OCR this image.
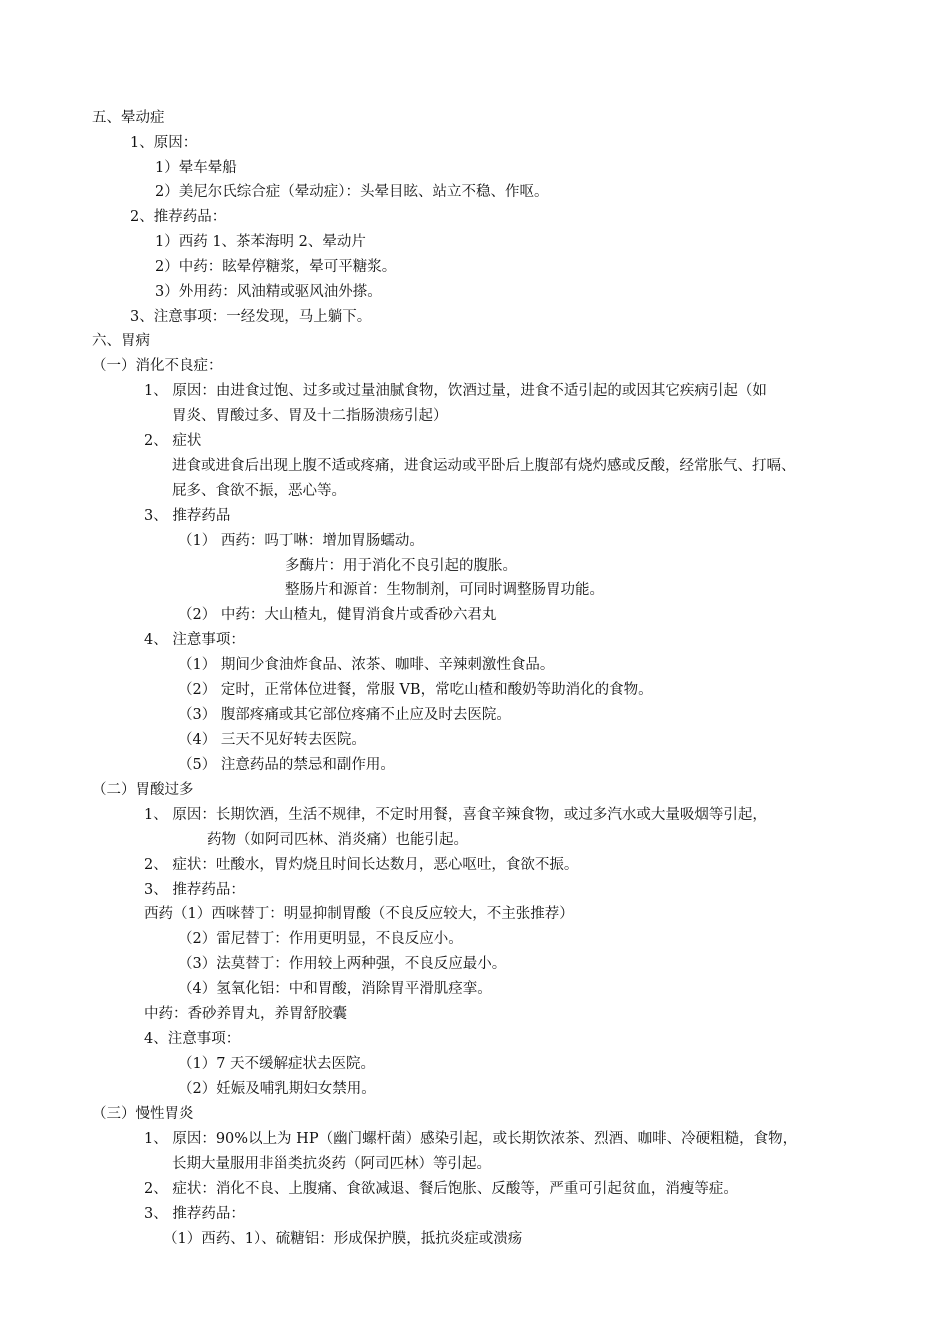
五、晕动症
1、原因：
1）晕车晕船
2）美尼尔氏综合症（晕动症）：头晕目眩、站立不稳、作呕。
2、推荐药品：
1）西药 1、茶苯海明 2、晕动片
2）中药：眩晕停糖浆，晕可平糖浆。
3）外用药：风油精或驱风油外搽。
3、注意事项：一经发现，马上躺下。
六、胃病
（一）消化不良症：
1、 原因：由进食过饱、过多或过量油腻食物，饮酒过量，进食不适引起的或因其它疾病引起（如
胃炎、胃酸过多、胃及十二指肠溃疡引起）
2、 症状
进食或进食后出现上腹不适或疼痛，进食运动或平卧后上腹部有烧灼感或反酸，经常胀气、打嗝、
屁多、食欲不振，恶心等。
3、 推荐药品
（1） 西药：吗丁啉：增加胃肠蠕动。
多酶片：用于消化不良引起的腹胀。
整肠片和源首：生物制剂，可同时调整肠胃功能。
（2） 中药：大山楂丸，健胃消食片或香砂六君丸
4、 注意事项：
（1） 期间少食油炸食品、浓茶、咖啡、辛辣刺激性食品。
（2） 定时，正常体位进餐，常服 VB，常吃山楂和酸奶等助消化的食物。
（3） 腹部疼痛或其它部位疼痛不止应及时去医院。
（4） 三天不见好转去医院。
（5） 注意药品的禁忌和副作用。
（二）胃酸过多
1、 原因：长期饮酒，生活不规律，不定时用餐，喜食辛辣食物，或过多汽水或大量吸烟等引起，
药物（如阿司匹林、消炎痛）也能引起。
2、 症状：吐酸水，胃灼烧且时间长达数月，恶心呕吐，食欲不振。
3、 推荐药品：
西药（1）西咪替丁：明显抑制胃酸（不良反应较大，不主张推荐）
（2）雷尼替丁：作用更明显，不良反应小。
（3）法莫替丁：作用较上两种强，不良反应最小。
（4）氢氧化铝：中和胃酸，消除胃平滑肌痉挛。
中药：香砂养胃丸，养胃舒胶囊
4、注意事项：
（1）7 天不缓解症状去医院。
（2）妊娠及哺乳期妇女禁用。
（三）慢性胃炎
1、 原因：90%以上为 HP（幽门螺杆菌）感染引起，或长期饮浓茶、烈酒、咖啡、冷硬粗糙，食物，
长期大量服用非甾类抗炎药（阿司匹林）等引起。
2、 症状：消化不良、上腹痛、食欲减退、餐后饱胀、反酸等，严重可引起贫血，消瘦等症。
3、 推荐药品：
（1）西药、1）、硫糖铝：形成保护膜，抵抗炎症或溃疡
